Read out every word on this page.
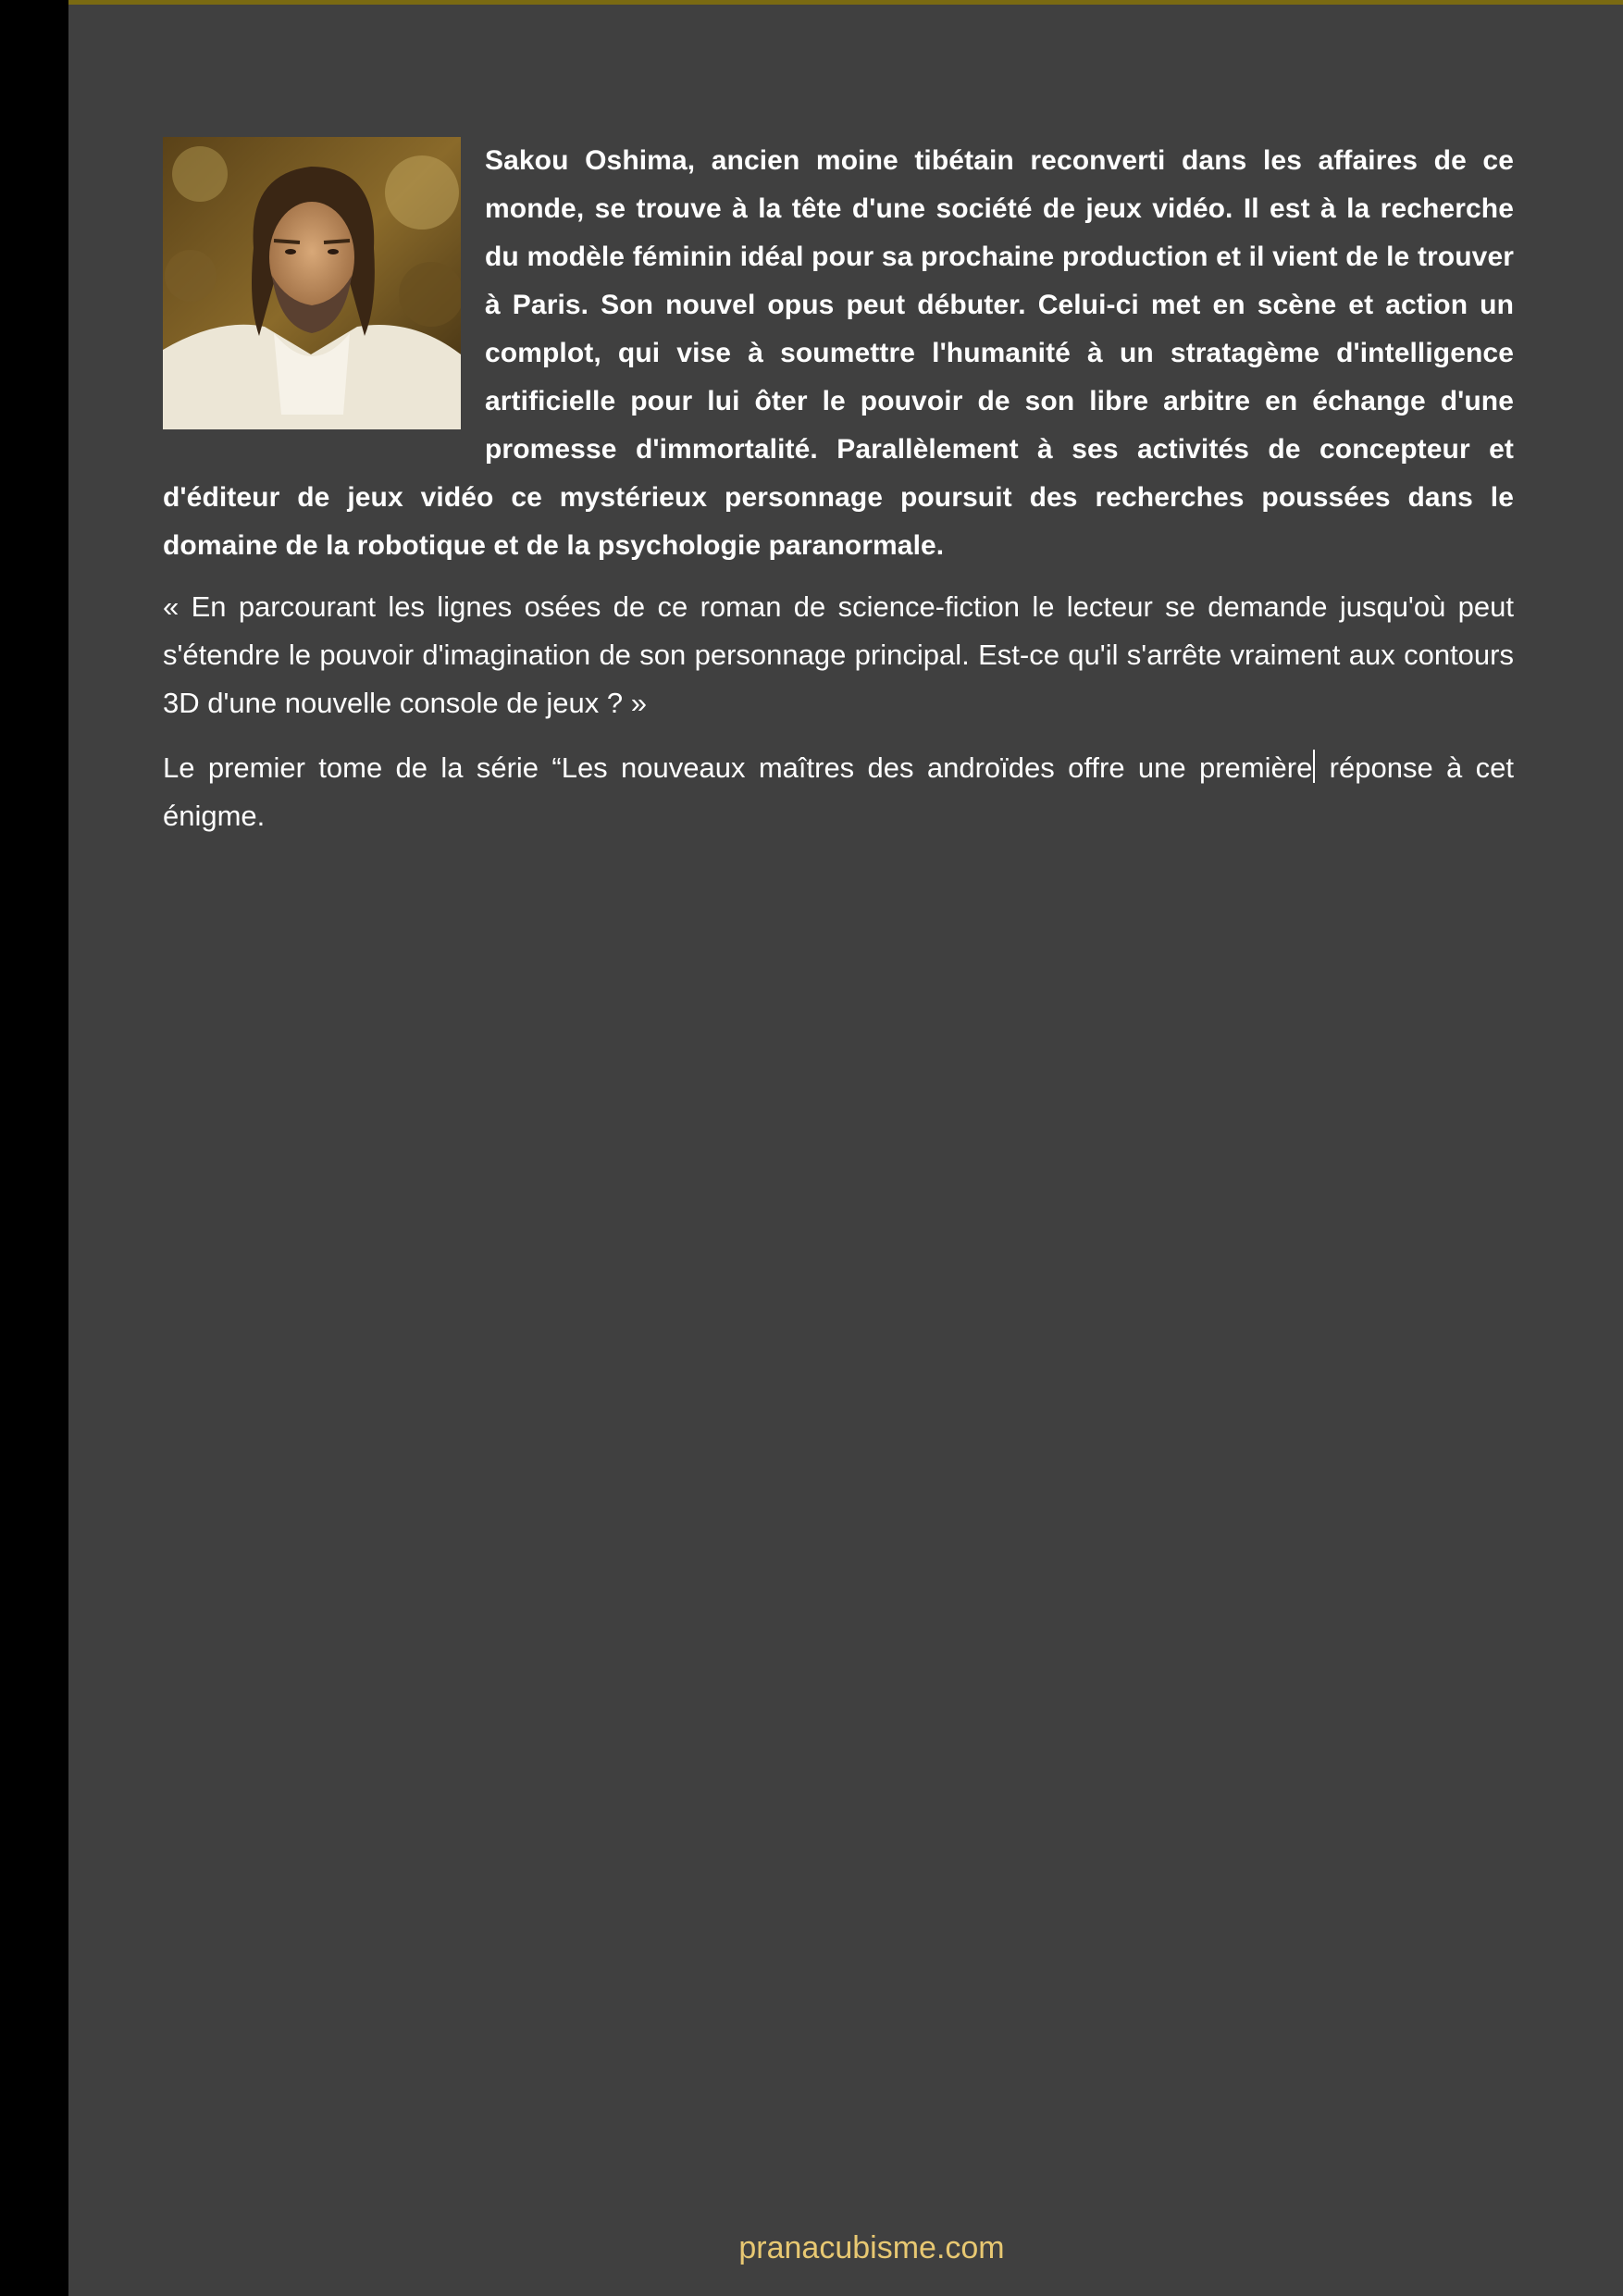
Sakou Oshima, ancien moine tibétain reconverti dans les affaires de ce monde, se trouve à la tête d'une société de jeux vidéo. Il est à la recherche du modèle féminin idéal pour sa prochaine production et il vient de le trouver à Paris. Son nouvel opus peut débuter. Celui-ci met en scène et action un complot, qui vise à soumettre l'humanité à un stratagème d'intelligence artificielle pour lui ôter le pouvoir de son libre arbitre en échange d'une promesse d'immortalité. Parallèlement à ses activités de concepteur et d'éditeur de jeux vidéo ce mystérieux personnage poursuit des recherches poussées dans le domaine de la robotique et de la psychologie paranormale.

« En parcourant les lignes osées de ce roman de science-fiction le lecteur se demande jusqu'où peut s'étendre le pouvoir d'imagination de son personnage principal. Est-ce qu'il s'arrête vraiment aux contours 3D d'une nouvelle console de jeux ? »

Le premier tome de la série “Les nouveaux maîtres des androïdes offre une première réponse à cet énigme.

pranacubisme.com
